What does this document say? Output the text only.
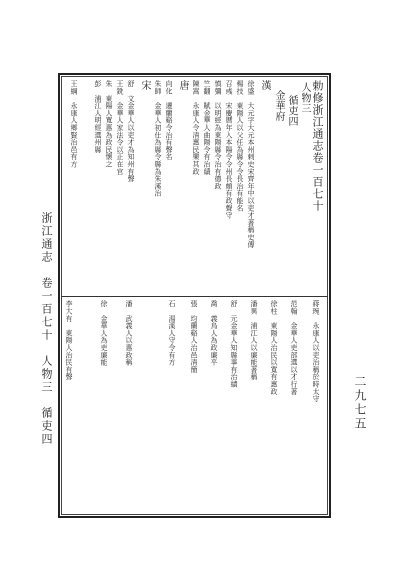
勅修浙江通志卷一百七十
人物三
循吏四
金華府
漢
徐盛　大元字大元本州刺史宋齊年中以吏才著稱史傳
楊技　東陽人以父任為縣令令長治有能名
召彧　宋慶曆年入本陽令令州長頗有政聲守
慎彌　以明經為東陽縣令治有德政
竺翻　賦金華人曲陽令有治績
陳嵩　永康人令清惠民樂其政
唐
向化　遷蘭谿令治有聲名
朱師　金華人初仕為縣令縣為朱溪治
宋
舒　文金華人以吏才為知州有聲
王銑　金華人家法令以正在官
朱　東陽人寬惠為政民懷之
彭　浦江人明經選州縣
王綱　永康人鄉賢治邑有方
蔣琬　永康人以吏治稱於時太守
范翰　金華人吏部選以才行著
徐柱　東陽人治民以寬有惠政
潘異　浦江人以廉能著稱
舒　元金華人知縣事有治績
喬　義烏人為政廉平
張　均蘭谿人治邑清簡
石　湯溪人守令有方
潘　武義人以惠政稱
徐　金華人為吏廉能
李大有　東陽人治民有聲
浙江通志　卷一百七十　人物三　循吏四	二九七五
